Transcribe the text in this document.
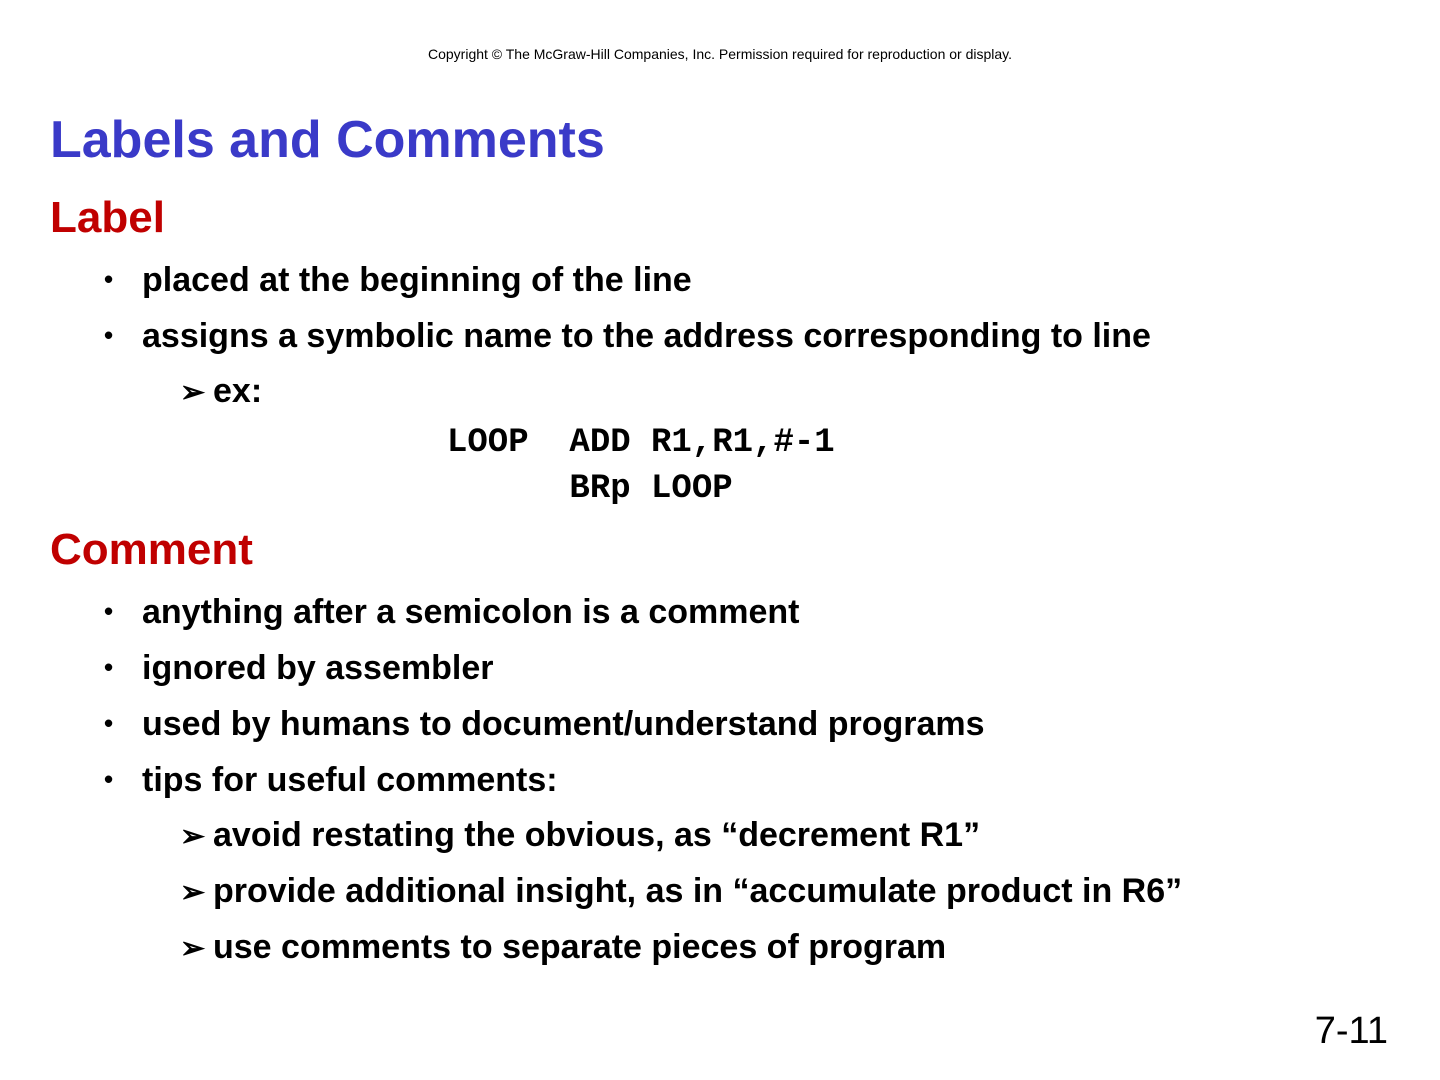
Copyright © The McGraw-Hill Companies, Inc. Permission required for reproduction or display.
Labels and Comments
Label
• placed at the beginning of the line
• assigns a symbolic name to the address corresponding to line
➢ ex:
LOOP  ADD R1,R1,#-1
BRp LOOP
Comment
• anything after a semicolon is a comment
• ignored by assembler
• used by humans to document/understand programs
• tips for useful comments:
➢ avoid restating the obvious, as “decrement R1”
➢ provide additional insight, as in “accumulate product in R6”
➢ use comments to separate pieces of program
7-11
